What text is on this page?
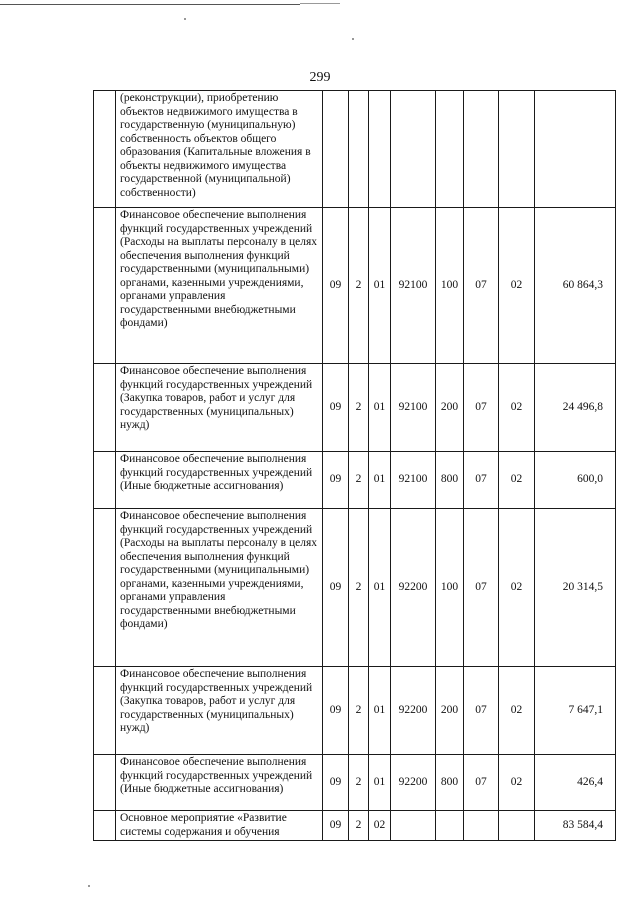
299
	(реконструкции), приобретению объектов недвижимого имущества в государственную (муниципальную) собственность объектов общего образования (Капитальные вложения в объекты недвижимого имущества государственной (муниципальной) собственности)								
	Финансовое обеспечение выполнения функций государственных учреждений (Расходы на выплаты персоналу в целях обеспечения выполнения функций государственными (муниципальными) органами, казенными учреждениями, органами управления государственными внебюджетными фондами)	09	2	01	92100	100	07	02	60 864,3
	Финансовое обеспечение выполнения функций государственных учреждений (Закупка товаров, работ и услуг для государственных (муниципальных) нужд)	09	2	01	92100	200	07	02	24 496,8
	Финансовое обеспечение выполнения функций государственных учреждений (Иные бюджетные ассигнования)	09	2	01	92100	800	07	02	600,0
	Финансовое обеспечение выполнения функций государственных учреждений (Расходы на выплаты персоналу в целях обеспечения выполнения функций государственными (муниципальными) органами, казенными учреждениями, органами управления государственными внебюджетными фондами)	09	2	01	92200	100	07	02	20 314,5
	Финансовое обеспечение выполнения функций государственных учреждений (Закупка товаров, работ и услуг для государственных (муниципальных) нужд)	09	2	01	92200	200	07	02	7 647,1
	Финансовое обеспечение выполнения функций государственных учреждений (Иные бюджетные ассигнования)	09	2	01	92200	800	07	02	426,4
	Основное мероприятие «Развитие системы содержания и обучения	09	2	02					83 584,4
